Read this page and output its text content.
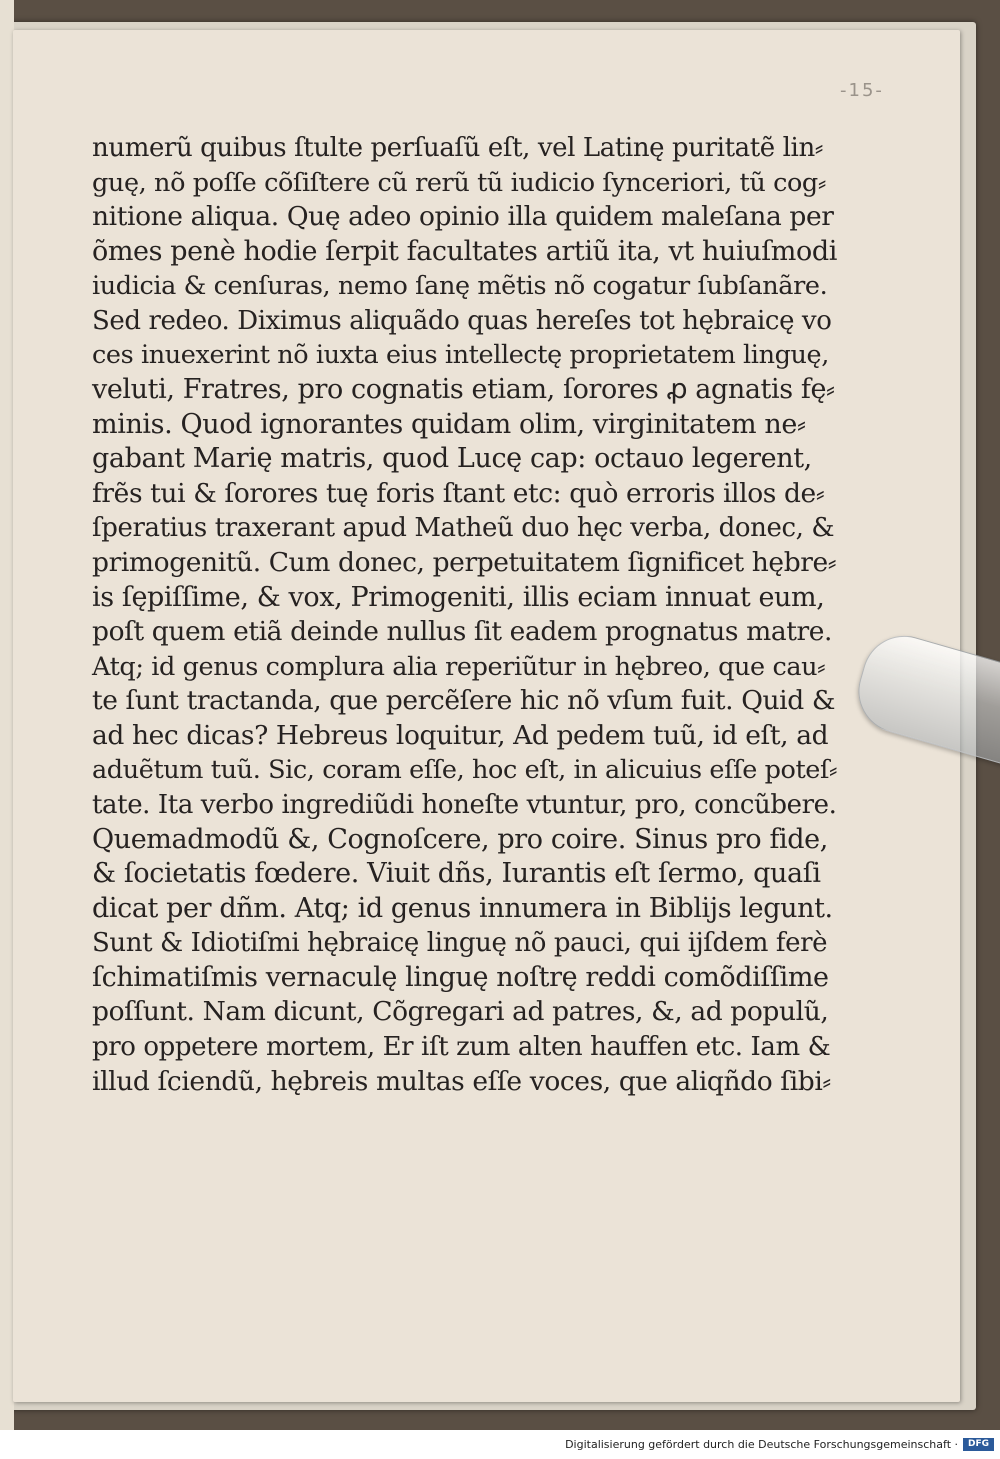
-15-
numerũ quibus ſtulte perſuaſũ eſt, vel Latinę puritatẽ lin⸗
guę, nõ poſſe cõſiſtere cũ rerũ tũ iudicio ſynceriori, tũ cog⸗
nitione aliqua. Quę adeo opinio illa quidem maleſana per
õmes penè hodie ſerpit facultates artiũ ita, vt huiuſmodi
iudicia & cenſuras, nemo ſanę mẽtis nõ cogatur ſubſanãre.
Sed redeo. Diximus aliquãdo quas hereſes tot hębraicę vo
ces inuexerint nõ iuxta eius intellectę proprietatem linguę,
veluti, Fratres, pro cognatis etiam, ſorores ꝓ agnatis fę⸗
minis. Quod ignorantes quidam olim, virginitatem ne⸗
gabant Marię matris, quod Lucę cap: octauo legerent,
frẽs tui & ſorores tuę foris ſtant etc: quò erroris illos de⸗
ſperatius traxerant apud Matheũ duo hęc verba, donec, &
primogenitũ. Cum donec, perpetuitatem ſignificet hębre⸗
is ſępiſſime, & vox, Primogeniti, illis eciam innuat eum,
poſt quem etiã deinde nullus ſit eadem prognatus matre.
Atq; id genus complura alia reperiũtur in hębreo, que cau⸗
te ſunt tractanda, que percẽſere hic nõ vſum fuit. Quid &
ad hec dicas? Hebreus loquitur, Ad pedem tuũ, id eſt, ad
aduẽtum tuũ. Sic, coram eſſe, hoc eſt, in alicuius eſſe poteſ⸗
tate. Ita verbo ingrediũdi honeſte vtuntur, pro, concũbere.
Quemadmodũ &, Cognoſcere, pro coire. Sinus pro fide,
& ſocietatis fœdere. Viuit dñs, Iurantis eſt ſermo, quaſi
dicat per dñm. Atq; id genus innumera in Biblijs legunt.
Sunt & Idiotiſmi hębraicę linguę nõ pauci, qui ijſdem ferè
ſchimatiſmis vernaculę linguę noſtrę reddi comõdiſſime
poſſunt. Nam dicunt, Cõgregari ad patres, &, ad populũ,
pro oppetere mortem, Er iſt zum alten hauffen etc. Iam &
illud ſciendũ, hębreis multas eſſe voces, que aliqñdo ſibi⸗
Digitalisierung gefördert durch die Deutsche Forschungsgemeinschaft ·	DFG
